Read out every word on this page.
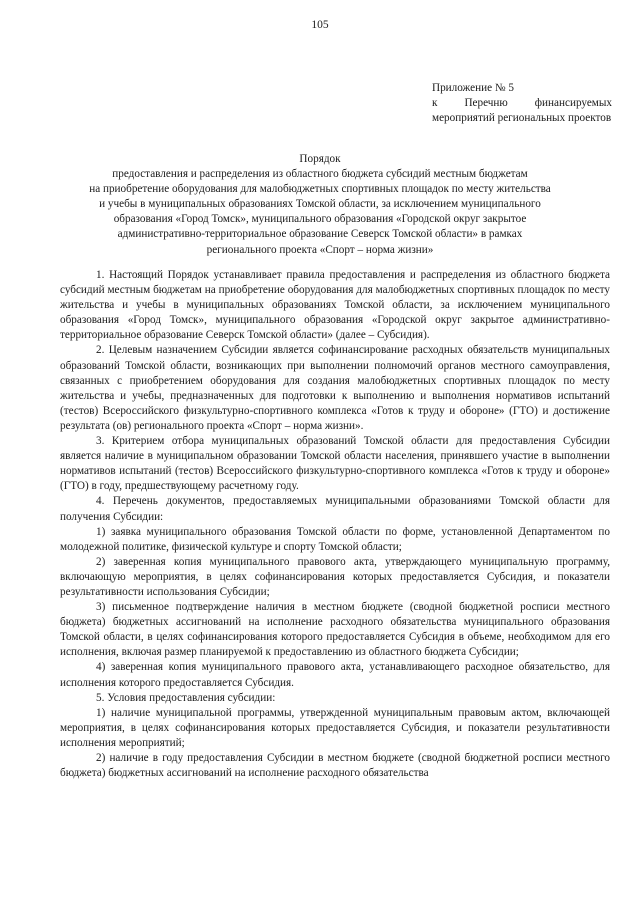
105
Приложение № 5
к Перечню финансируемых мероприятий региональных проектов
Порядок
предоставления и распределения из областного бюджета субсидий местным бюджетам
на приобретение оборудования для малобюджетных спортивных площадок по месту жительства
и учебы в муниципальных образованиях Томской области, за исключением муниципального
образования «Город Томск», муниципального образования «Городской округ закрытое
административно-территориальное образование Северск Томской области» в рамках
регионального проекта «Спорт – норма жизни»

1. Настоящий Порядок устанавливает правила предоставления и распределения из областного бюджета субсидий местным бюджетам на приобретение оборудования для малобюджетных спортивных площадок по месту жительства и учебы в муниципальных образованиях Томской области, за исключением муниципального образования «Город Томск», муниципального образования «Городской округ закрытое административно-территориальное образование Северск Томской области» (далее – Субсидия).

2. Целевым назначением Субсидии является софинансирование расходных обязательств муниципальных образований Томской области, возникающих при выполнении полномочий органов местного самоуправления, связанных с приобретением оборудования для создания малобюджетных спортивных площадок по месту жительства и учебы, предназначенных для подготовки к выполнению и выполнения нормативов испытаний (тестов) Всероссийского физкультурно-спортивного комплекса «Готов к труду и обороне» (ГТО) и достижение результата (ов) регионального проекта «Спорт – норма жизни».

3. Критерием отбора муниципальных образований Томской области для предоставления Субсидии является наличие в муниципальном образовании Томской области населения, принявшего участие в выполнении нормативов испытаний (тестов) Всероссийского физкультурно-спортивного комплекса «Готов к труду и обороне» (ГТО) в году, предшествующему расчетному году.

4. Перечень документов, предоставляемых муниципальными образованиями Томской области для получения Субсидии:

1) заявка муниципального образования Томской области по форме, установленной Департаментом по молодежной политике, физической культуре и спорту Томской области;

2) заверенная копия муниципального правового акта, утверждающего муниципальную программу, включающую мероприятия, в целях софинансирования которых предоставляется Субсидия, и показатели результативности использования Субсидии;

3) письменное подтверждение наличия в местном бюджете (сводной бюджетной росписи местного бюджета) бюджетных ассигнований на исполнение расходного обязательства муниципального образования Томской области, в целях софинансирования которого предоставляется Субсидия в объеме, необходимом для его исполнения, включая размер планируемой к предоставлению из областного бюджета Субсидии;

4) заверенная копия муниципального правового акта, устанавливающего расходное обязательство, для исполнения которого предоставляется Субсидия.

5. Условия предоставления субсидии:

1) наличие муниципальной программы, утвержденной муниципальным правовым актом, включающей мероприятия, в целях софинансирования которых предоставляется Субсидия, и показатели результативности исполнения мероприятий;

2) наличие в году предоставления Субсидии в местном бюджете (сводной бюджетной росписи местного бюджета) бюджетных ассигнований на исполнение расходного обязательства
